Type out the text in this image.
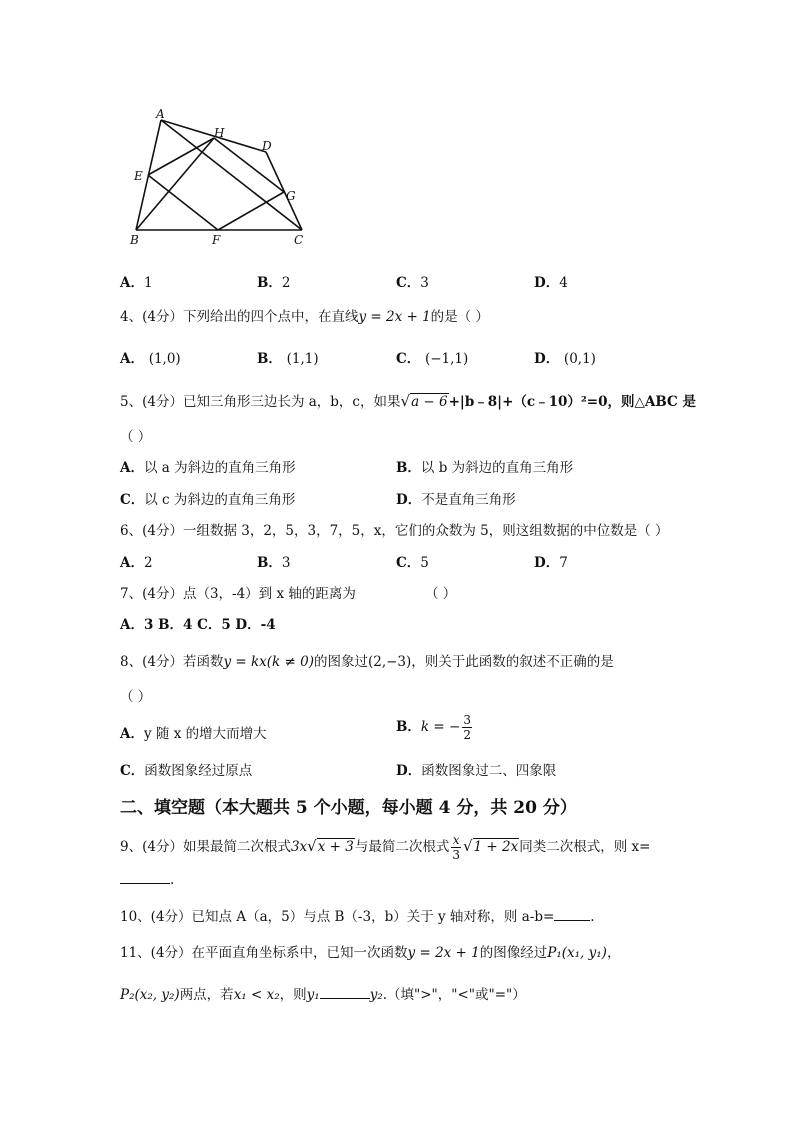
A
H
D
E
G
B	F	C
A．1	B．2	C．3	D．4
4、(4分）下列给出的四个点中，在直线y = 2x + 1的是（ ）
A． (1,0)	B． (1,1)	C． (−1,1)	D． (0,1)
5、(4分）已知三角形三边长为 a，b，c，如果√a − 6+|b﹣8|+（c﹣10）²=0，则△ABC 是
（ ）
A．以 a 为斜边的直角三角形	B．以 b 为斜边的直角三角形
C．以 c 为斜边的直角三角形	D．不是直角三角形
6、(4分）一组数据 3，2，5，3，7，5，x，它们的众数为 5，则这组数据的中位数是（ ）
A．2	B．3	C．5	D．7
7、(4分）点（3，-4）到 x 轴的距离为	（ ）
A．3 B．4 C．5 D．-4
8、(4分）若函数y = kx(k ≠ 0)的图象过(2,−3)，则关于此函数的叙述不正确的是
（ ）
A．y 随 x 的增大而增大	B．k = − $\frac{3}{2}$
C．函数图象经过原点	D．函数图象过二、四象限
二、填空题（本大题共 5 个小题，每小题 4 分，共 20 分）
9、(4分）如果最简二次根式3x√x + 3与最简二次根式 $\frac{x}{3} √1 + 2x$同类二次根式，则 x=
.
10、(4分）已知点 A（a，5）与点 B（-3，b）关于 y 轴对称，则 a-b=	.
11、(4分）在平面直角坐标系中，已知一次函数y = 2x + 1的图像经过P₁(x₁, y₁)，
P₂(x₂, y₂)两点，若x₁ < x₂，则y₁	y₂.（填">"，"<"或"="）
